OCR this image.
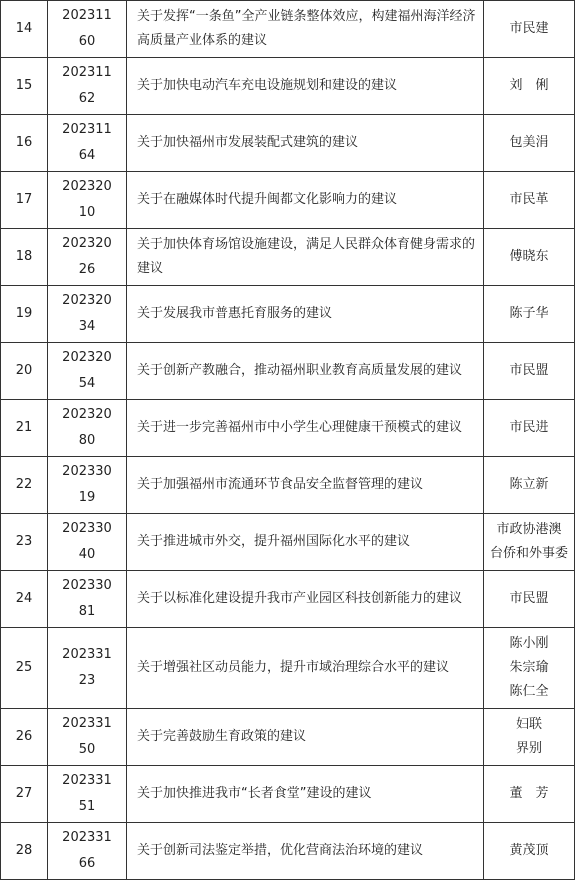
14	202311
60	关于发挥“一条鱼”全产业链条整体效应，构建福州海洋经济高质量产业体系的建议	市民建

15	202311
62	关于加快电动汽车充电设施规划和建设的建议	刘　俐

16	202311
64	关于加快福州市发展装配式建筑的建议	包美涓

17	202320
10	关于在融媒体时代提升闽都文化影响力的建议	市民革

18	202320
26	关于加快体育场馆设施建设，满足人民群众体育健身需求的建议	傅晓东

19	202320
34	关于发展我市普惠托育服务的建议	陈子华

20	202320
54	关于创新产教融合，推动福州职业教育高质量发展的建议	市民盟

21	202320
80	关于进一步完善福州市中小学生心理健康干预模式的建议	市民进

22	202330
19	关于加强福州市流通环节食品安全监督管理的建议	陈立新

23	202330
40	关于推进城市外交，提升福州国际化水平的建议	市政协港澳
台侨和外事委

24	202330
81	关于以标准化建设提升我市产业园区科技创新能力的建议	市民盟

25	202331
23	关于增强社区动员能力，提升市域治理综合水平的建议	陈小刚
朱宗瑜
陈仁全

26	202331
50	关于完善鼓励生育政策的建议	妇联
界别

27	202331
51	关于加快推进我市“长者食堂”建设的建议	董　芳

28	202331
66	关于创新司法鉴定举措，优化营商法治环境的建议	黄茂顶
